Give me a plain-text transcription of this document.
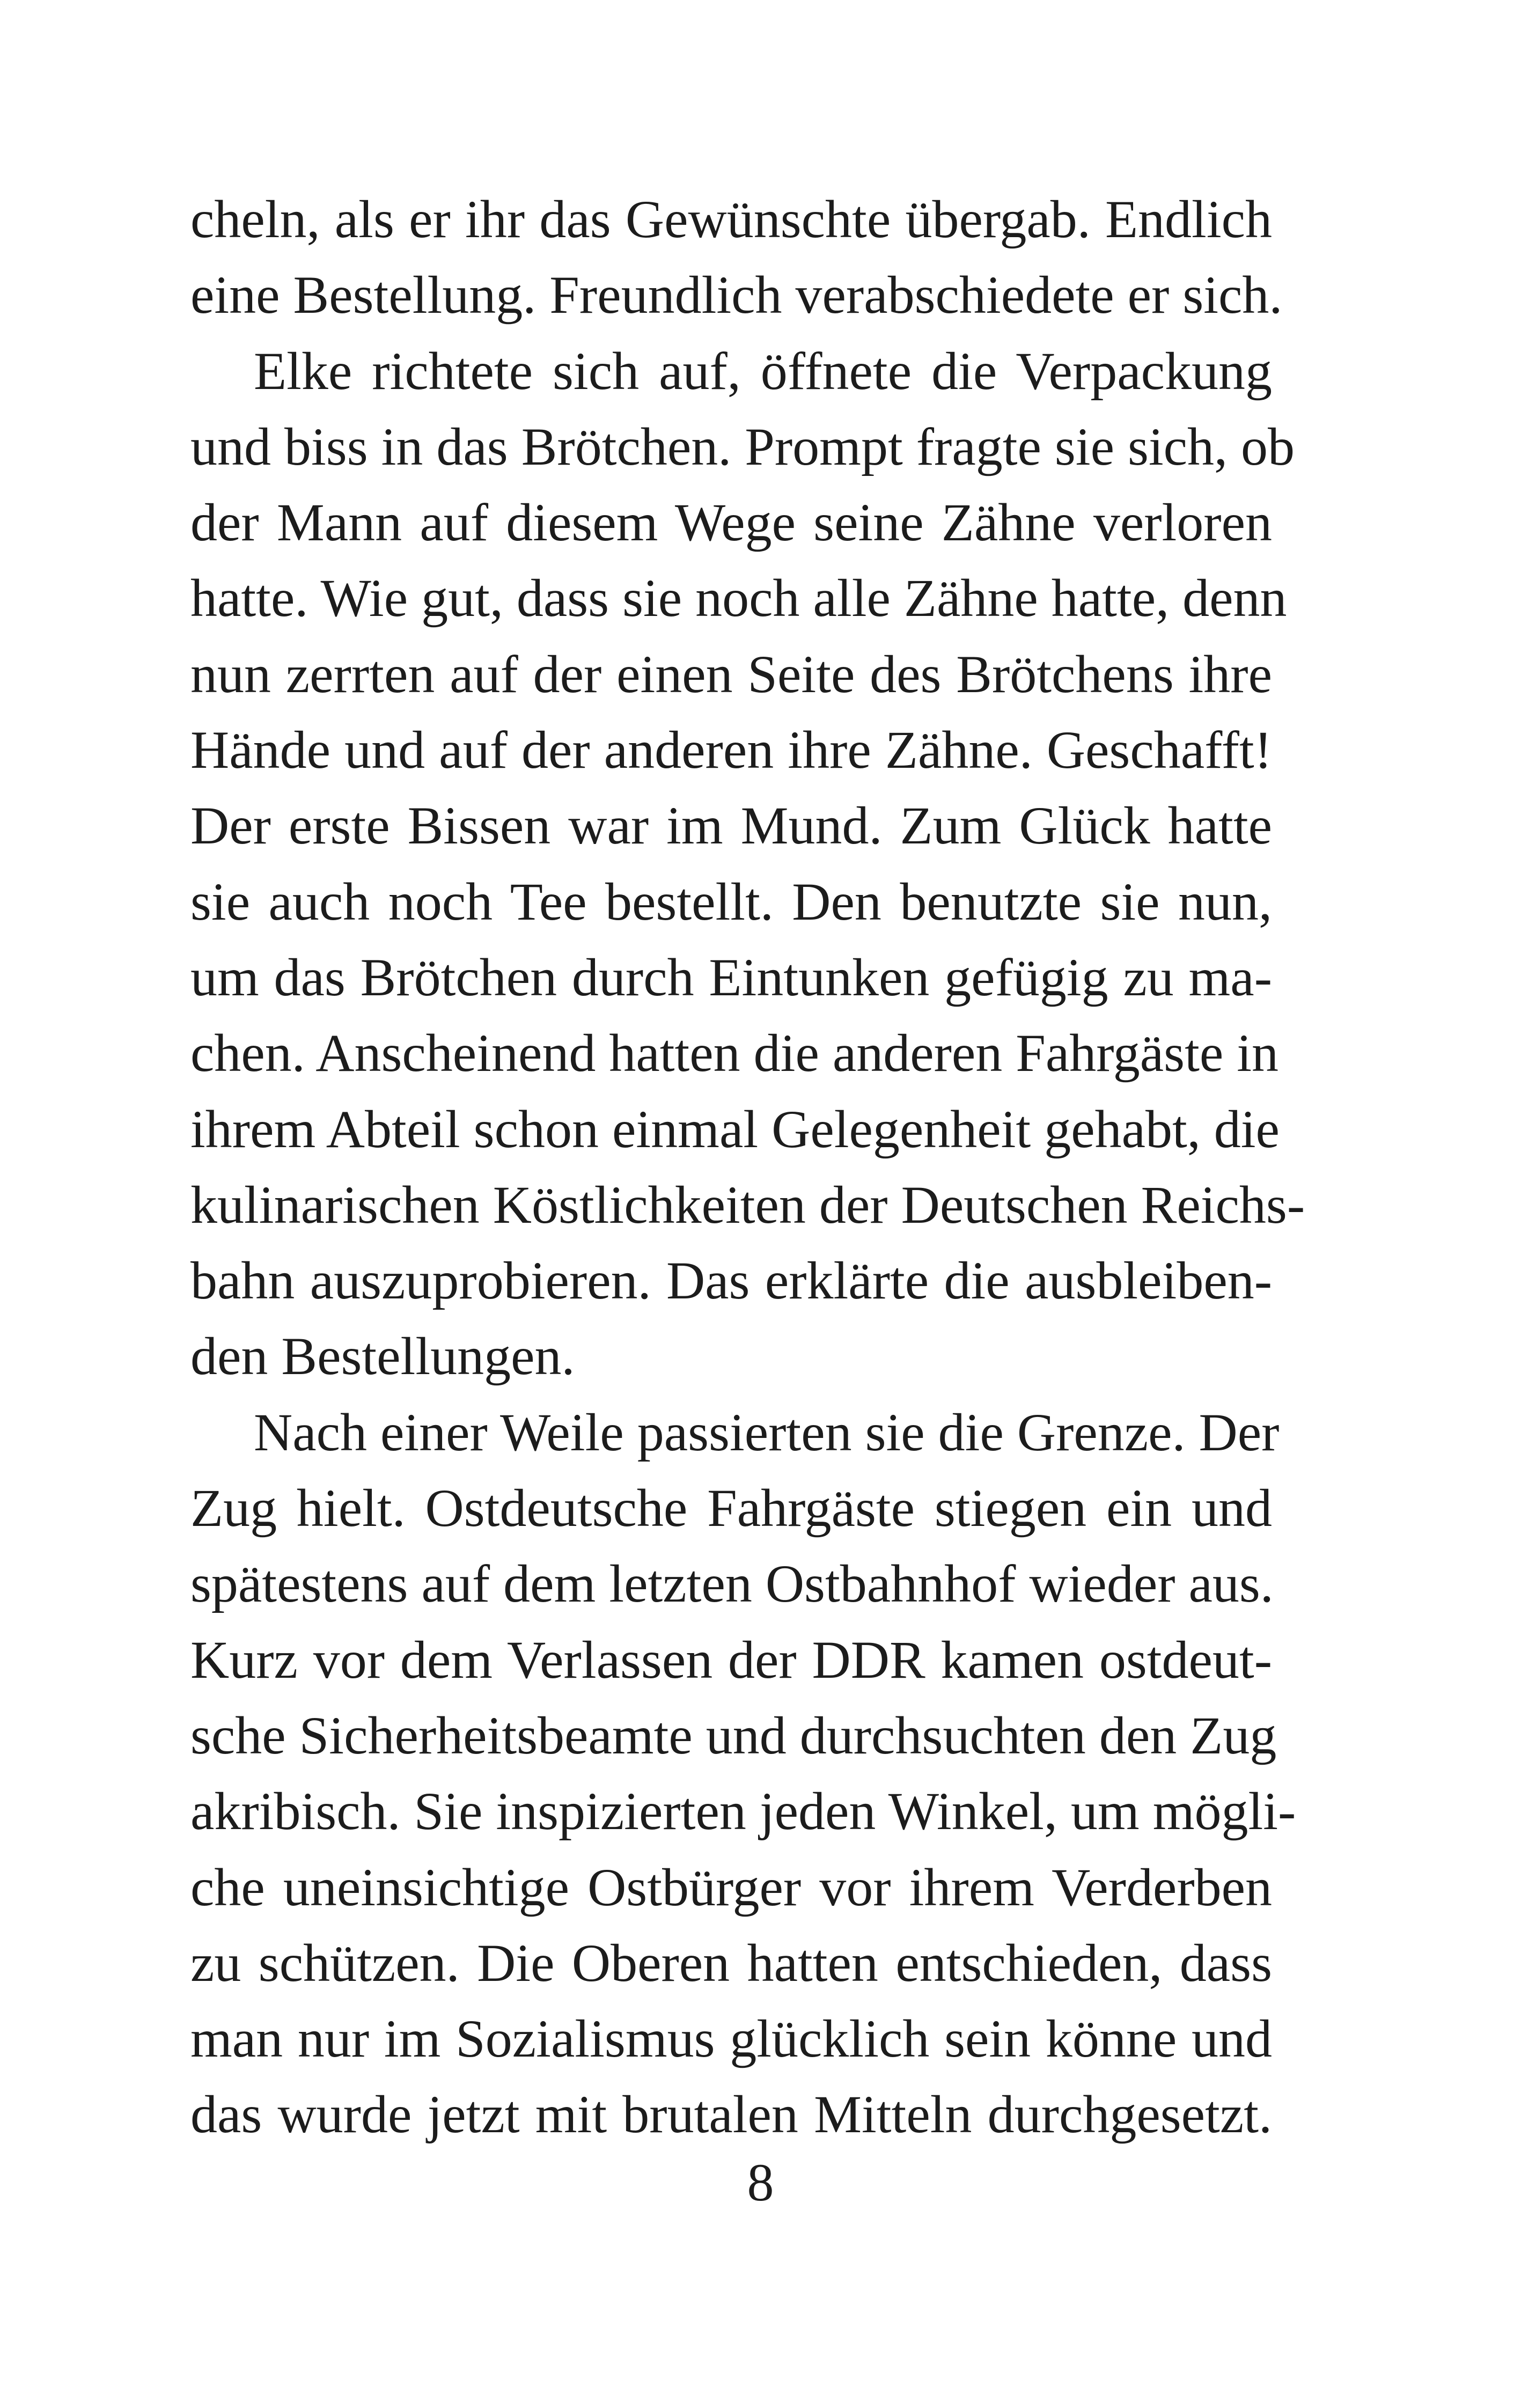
cheln, als er ihr das Gewünschte übergab. Endlich
eine Bestellung. Freundlich verabschiedete er sich.
Elke richtete sich auf, öffnete die Verpackung
und biss in das Brötchen. Prompt fragte sie sich, ob
der Mann auf diesem Wege seine Zähne verloren
hatte. Wie gut, dass sie noch alle Zähne hatte, denn
nun zerrten auf der einen Seite des Brötchens ihre
Hände und auf der anderen ihre Zähne. Geschafft!
Der erste Bissen war im Mund. Zum Glück hatte
sie auch noch Tee bestellt. Den benutzte sie nun,
um das Brötchen durch Eintunken gefügig zu ma-
chen. Anscheinend hatten die anderen Fahrgäste in
ihrem Abteil schon einmal Gelegenheit gehabt, die
kulinarischen Köstlichkeiten der Deutschen Reichs-
bahn auszuprobieren. Das erklärte die ausbleiben-
den Bestellungen.
Nach einer Weile passierten sie die Grenze. Der
Zug hielt. Ostdeutsche Fahrgäste stiegen ein und
spätestens auf dem letzten Ostbahnhof wieder aus.
Kurz vor dem Verlassen der DDR kamen ostdeut-
sche Sicherheitsbeamte und durchsuchten den Zug
akribisch. Sie inspizierten jeden Winkel, um mögli-
che uneinsichtige Ostbürger vor ihrem Verderben
zu schützen. Die Oberen hatten entschieden, dass
man nur im Sozialismus glücklich sein könne und
das wurde jetzt mit brutalen Mitteln durchgesetzt.
8
